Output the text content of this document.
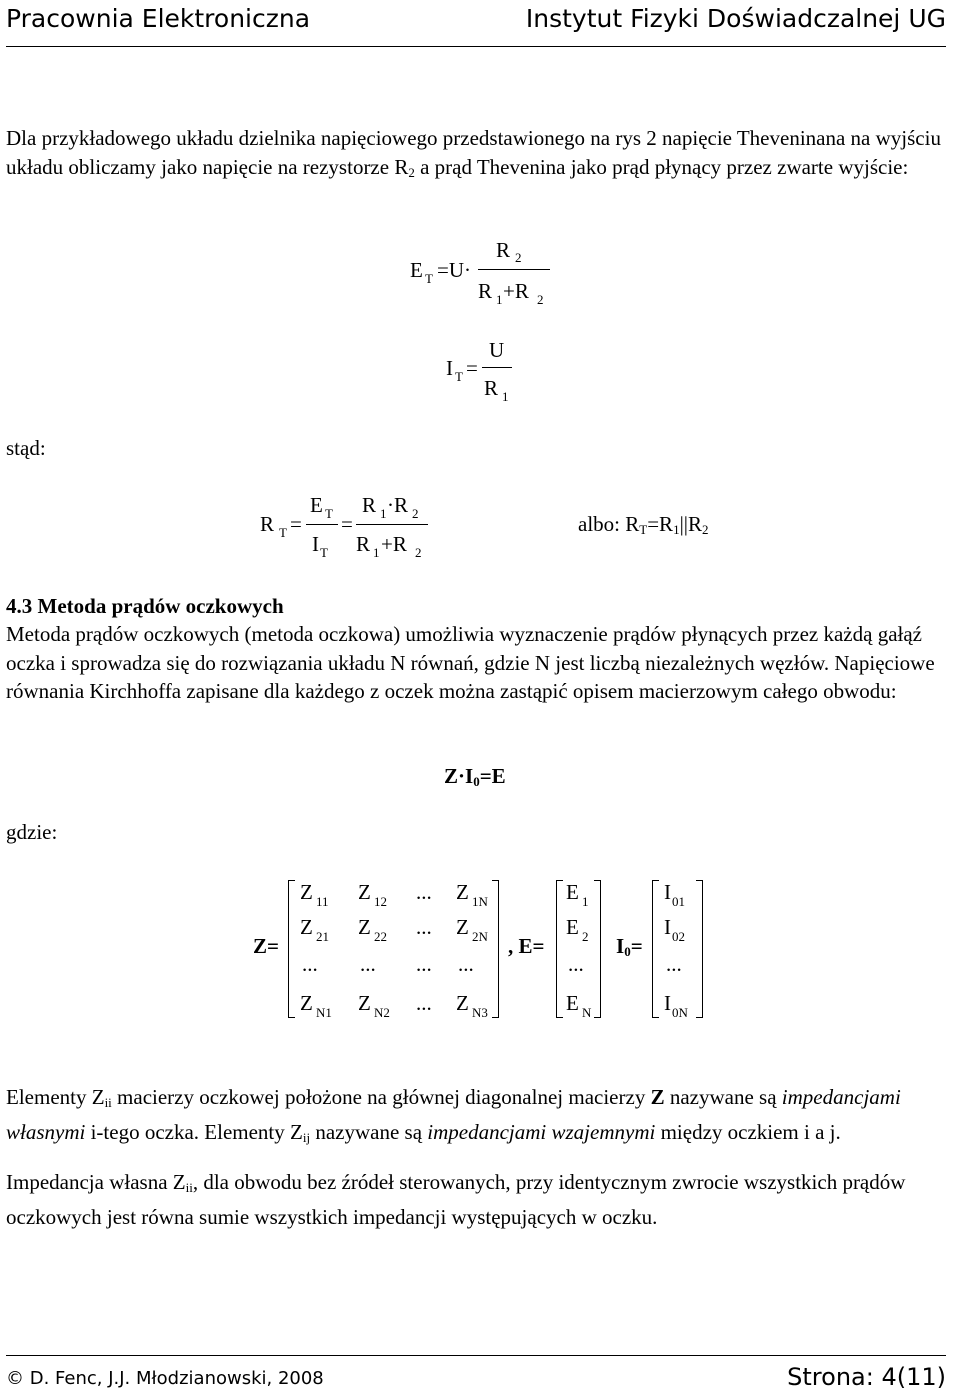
Pracownia Elektroniczna	Instytut Fizyki Doświadczalnej UG
Dla przykładowego układu dzielnika napięciowego przedstawionego na rys 2 napięcie Theveninana na wyjściu układu obliczamy jako napięcie na rezystorze $R_2$ a prąd Thevenina jako prąd płynący przez zwarte wyjście:
E T =U·
R 2
R 1 +R 2
I T =
U
R 1
stąd:
R T =
E T
I T
=
R 1 ·R 2
R 1 +R 2
albo: $R_T=R_1||R_2$
4.3 Metoda prądów oczkowych
Metoda prądów oczkowych (metoda oczkowa) umożliwia wyznaczenie prądów płynących przez każdą gałąź oczka i sprowadza się do rozwiązania układu N równań, gdzie N jest liczbą niezależnych węzłów. Napięciowe równania Kirchhoffa zapisane dla każdego z oczek można zastąpić opisem macierzowym całego obwodu:
$Z\cdot I_0=E$
gdzie:
Z=
Z 11 Z 12 ... Z 1N
Z 21 Z 22 ... Z 2N
... ... ... ...
Z N1 Z N2 ... Z N3
, E=
E 1
E 2
...
E N
$I_0=$
I 01
I 02
...
I 0N
Elementy $Z_{ii}$ macierzy oczkowej położone na głównej diagonalnej macierzy Z nazywane są impedancjami własnymi i-tego oczka. Elementy $Z_{ij}$ nazywane są impedancjami wzajemnymi między oczkiem i a j.
Impedancja własna $Z_{ii}$, dla obwodu bez źródeł sterowanych, przy identycznym zwrocie wszystkich prądów oczkowych jest równa sumie wszystkich impedancji występujących w oczku.
© D. Fenc, J.J. Młodzianowski, 2008	Strona: 4(11)
